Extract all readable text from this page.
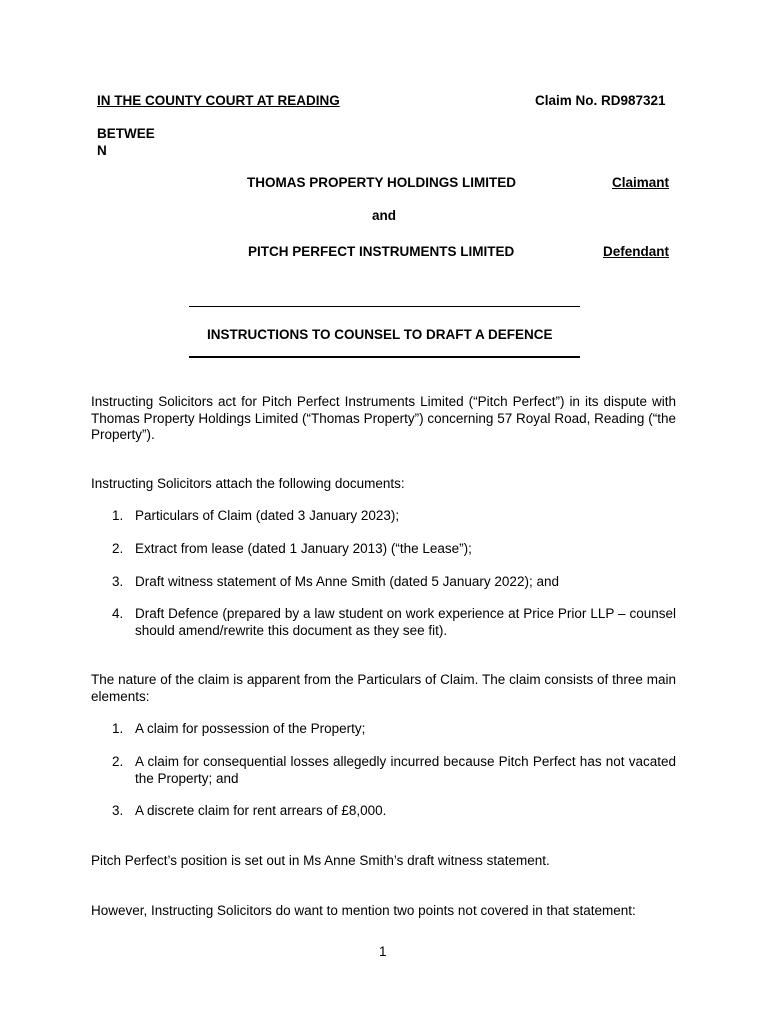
IN THE COUNTY COURT AT READING	Claim No. RD987321
BETWEE
N
THOMAS PROPERTY HOLDINGS LIMITED	Claimant
and
PITCH PERFECT INSTRUMENTS LIMITED	Defendant
INSTRUCTIONS TO COUNSEL TO DRAFT A DEFENCE
Instructing Solicitors act for Pitch Perfect Instruments Limited (“Pitch Perfect”) in its dispute with Thomas Property Holdings Limited (“Thomas Property”) concerning 57 Royal Road, Reading (“the Property”).
Instructing Solicitors attach the following documents:
1. Particulars of Claim (dated 3 January 2023);
2. Extract from lease (dated 1 January 2013) (“the Lease”);
3. Draft witness statement of Ms Anne Smith (dated 5 January 2022); and
4. Draft Defence (prepared by a law student on work experience at Price Prior LLP – counsel should amend/rewrite this document as they see fit).
The nature of the claim is apparent from the Particulars of Claim. The claim consists of three main elements:
1. A claim for possession of the Property;
2. A claim for consequential losses allegedly incurred because Pitch Perfect has not vacated the Property; and
3. A discrete claim for rent arrears of £8,000.
Pitch Perfect’s position is set out in Ms Anne Smith’s draft witness statement.
However, Instructing Solicitors do want to mention two points not covered in that statement:
1
